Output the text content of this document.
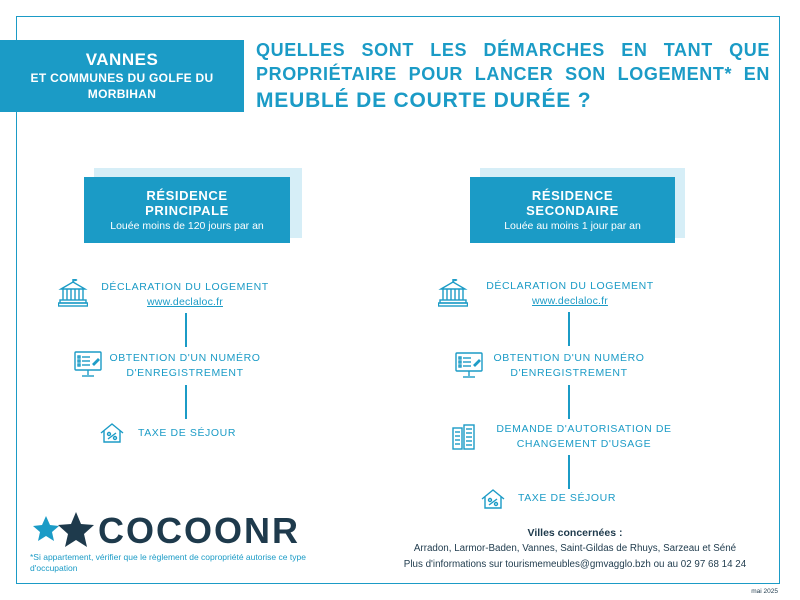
VANNES
ET COMMUNES DU GOLFE DU
MORBIHAN
QUELLES SONT LES DÉMARCHES EN TANT QUE
PROPRIÉTAIRE POUR LANCER SON LOGEMENT* EN
MEUBLÉ DE COURTE DURÉE ?
RÉSIDENCE
PRINCIPALE
Louée moins de 120 jours par an
DÉCLARATION DU LOGEMENT
www.declaloc.fr
OBTENTION D'UN NUMÉRO
D'ENREGISTREMENT
TAXE DE SÉJOUR
RÉSIDENCE
SECONDAIRE
Louée au moins 1 jour par an
DÉCLARATION DU LOGEMENT
www.declaloc.fr
OBTENTION D'UN NUMÉRO
D'ENREGISTREMENT
DEMANDE D'AUTORISATION DE
CHANGEMENT D'USAGE
TAXE DE SÉJOUR
COCOONR
*Si appartement, vérifier que le règlement de copropriété autorise ce type d'occupation
Villes concernées :
Arradon, Larmor-Baden, Vannes, Saint-Gildas de Rhuys, Sarzeau et Séné
Plus d'informations sur tourismemeubles@gmvagglo.bzh ou au 02 97 68 14 24
mai 2025
